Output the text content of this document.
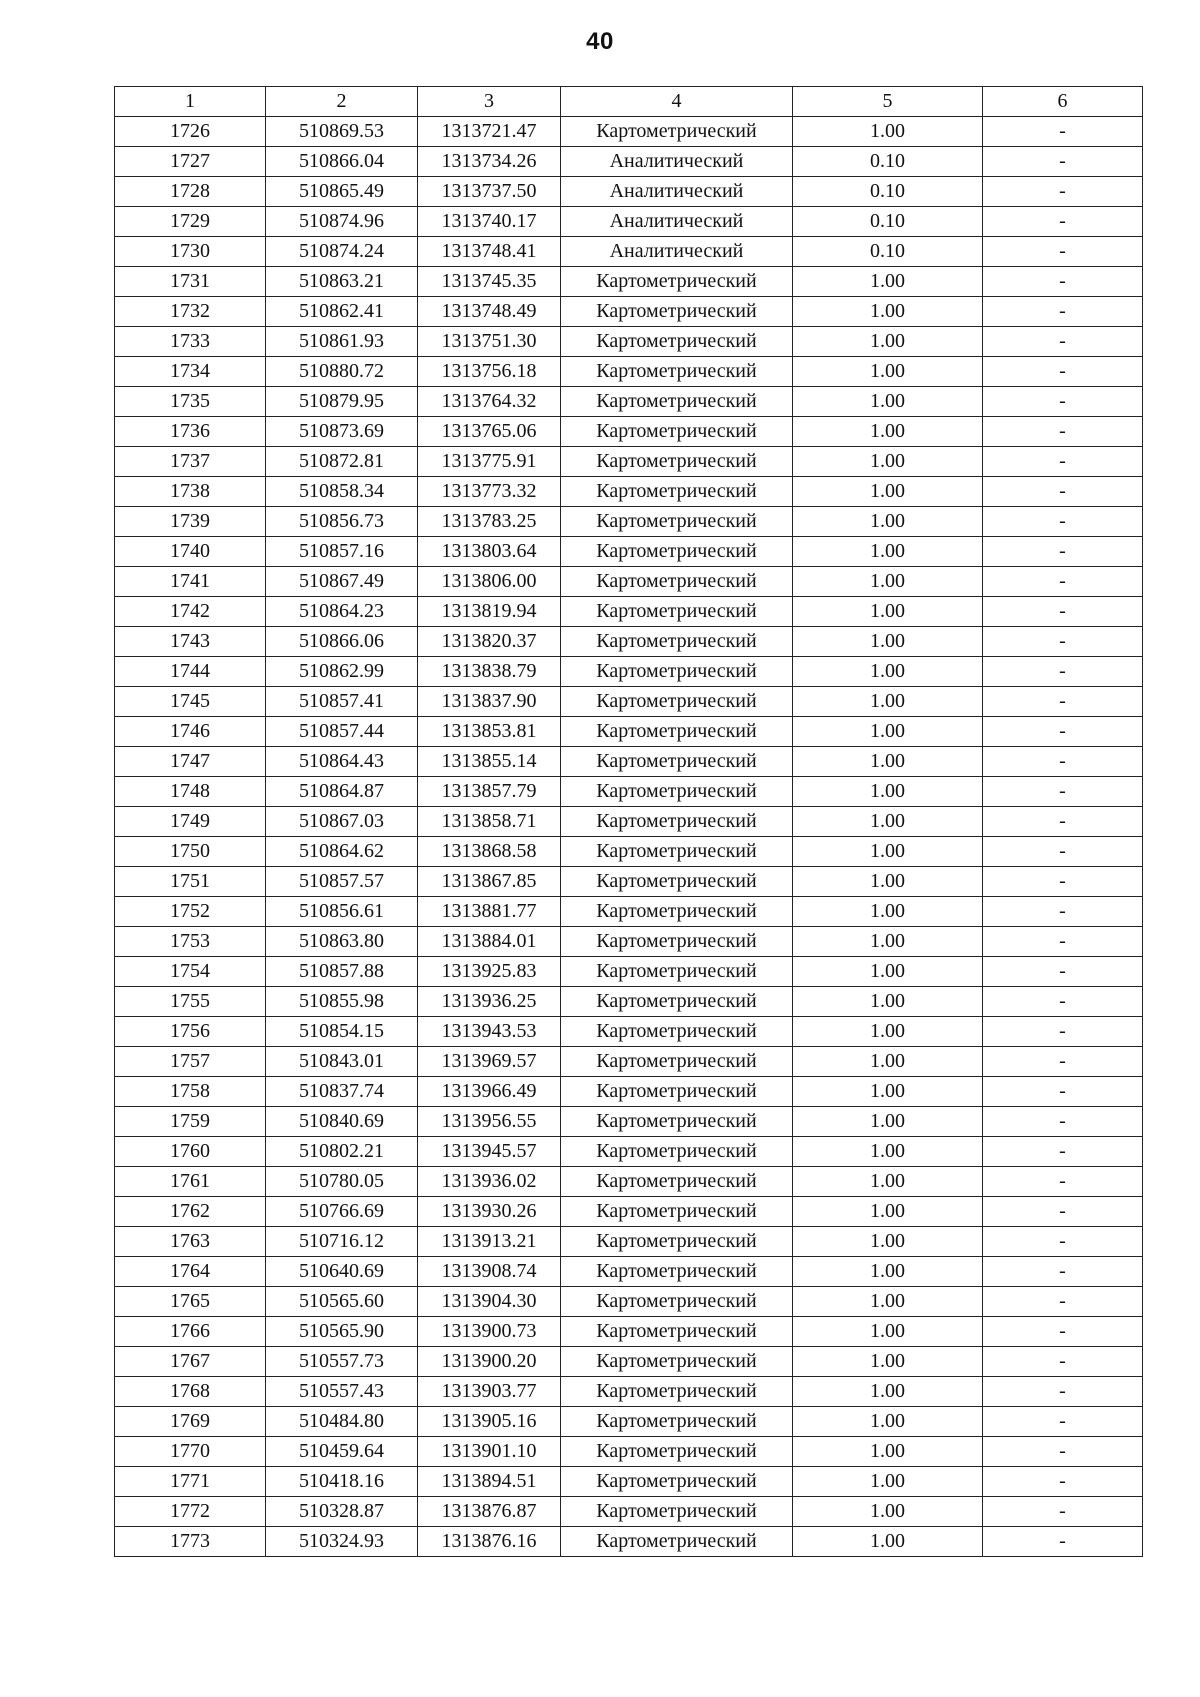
40
1	2	3	4	5	6
1726	510869.53	1313721.47	Картометрический	1.00	-
1727	510866.04	1313734.26	Аналитический	0.10	-
1728	510865.49	1313737.50	Аналитический	0.10	-
1729	510874.96	1313740.17	Аналитический	0.10	-
1730	510874.24	1313748.41	Аналитический	0.10	-
1731	510863.21	1313745.35	Картометрический	1.00	-
1732	510862.41	1313748.49	Картометрический	1.00	-
1733	510861.93	1313751.30	Картометрический	1.00	-
1734	510880.72	1313756.18	Картометрический	1.00	-
1735	510879.95	1313764.32	Картометрический	1.00	-
1736	510873.69	1313765.06	Картометрический	1.00	-
1737	510872.81	1313775.91	Картометрический	1.00	-
1738	510858.34	1313773.32	Картометрический	1.00	-
1739	510856.73	1313783.25	Картометрический	1.00	-
1740	510857.16	1313803.64	Картометрический	1.00	-
1741	510867.49	1313806.00	Картометрический	1.00	-
1742	510864.23	1313819.94	Картометрический	1.00	-
1743	510866.06	1313820.37	Картометрический	1.00	-
1744	510862.99	1313838.79	Картометрический	1.00	-
1745	510857.41	1313837.90	Картометрический	1.00	-
1746	510857.44	1313853.81	Картометрический	1.00	-
1747	510864.43	1313855.14	Картометрический	1.00	-
1748	510864.87	1313857.79	Картометрический	1.00	-
1749	510867.03	1313858.71	Картометрический	1.00	-
1750	510864.62	1313868.58	Картометрический	1.00	-
1751	510857.57	1313867.85	Картометрический	1.00	-
1752	510856.61	1313881.77	Картометрический	1.00	-
1753	510863.80	1313884.01	Картометрический	1.00	-
1754	510857.88	1313925.83	Картометрический	1.00	-
1755	510855.98	1313936.25	Картометрический	1.00	-
1756	510854.15	1313943.53	Картометрический	1.00	-
1757	510843.01	1313969.57	Картометрический	1.00	-
1758	510837.74	1313966.49	Картометрический	1.00	-
1759	510840.69	1313956.55	Картометрический	1.00	-
1760	510802.21	1313945.57	Картометрический	1.00	-
1761	510780.05	1313936.02	Картометрический	1.00	-
1762	510766.69	1313930.26	Картометрический	1.00	-
1763	510716.12	1313913.21	Картометрический	1.00	-
1764	510640.69	1313908.74	Картометрический	1.00	-
1765	510565.60	1313904.30	Картометрический	1.00	-
1766	510565.90	1313900.73	Картометрический	1.00	-
1767	510557.73	1313900.20	Картометрический	1.00	-
1768	510557.43	1313903.77	Картометрический	1.00	-
1769	510484.80	1313905.16	Картометрический	1.00	-
1770	510459.64	1313901.10	Картометрический	1.00	-
1771	510418.16	1313894.51	Картометрический	1.00	-
1772	510328.87	1313876.87	Картометрический	1.00	-
1773	510324.93	1313876.16	Картометрический	1.00	-
